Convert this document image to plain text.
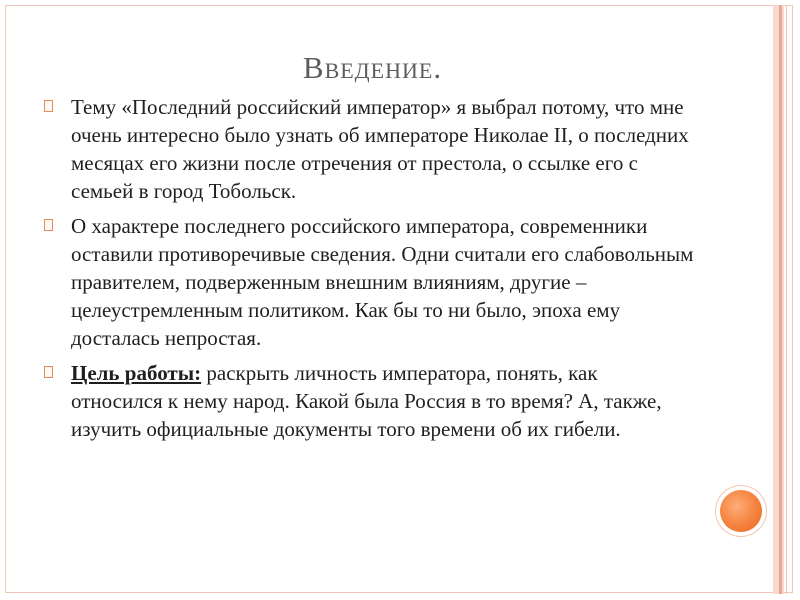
Введение.
Тему «Последний российский император» я выбрал потому, что мне очень интересно было узнать об императоре Николае II, о последних месяцах его жизни после отречения от престола, о ссылке его с семьей в город Тобольск.
О характере последнего российского императора, современники оставили противоречивые сведения. Одни считали его слабовольным правителем, подверженным внешним влияниям, другие – целеустремленным политиком. Как бы то ни было, эпоха ему досталась непростая.
Цель работы: раскрыть личность императора, понять, как относился к нему народ. Какой была Россия в то время? А, также, изучить официальные документы того времени об их гибели.
